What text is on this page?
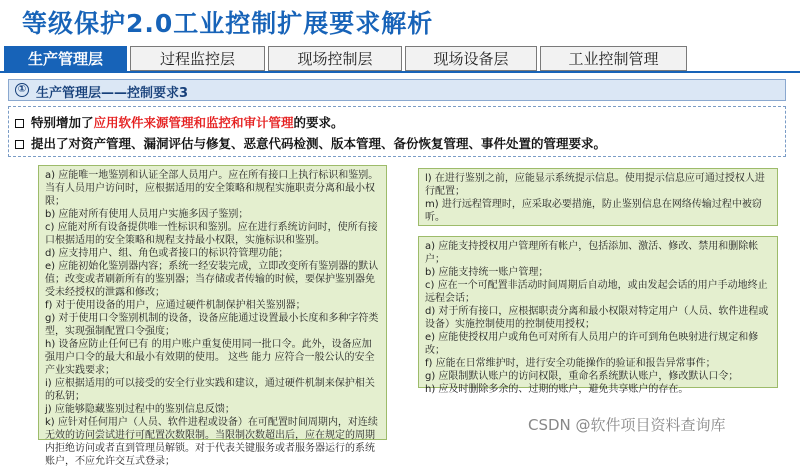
等级保护2.0工业控制扩展要求解析
生产管理层	过程监控层	现场控制层	现场设备层	工业控制管理
① 生产管理层——控制要求3
特别增加了应用软件来源管理和监控和审计管理的要求。
提出了对资产管理、漏洞评估与修复、恶意代码检测、版本管理、备份恢复管理、事件处置的管理要求。

a) 应能唯一地鉴别和认证全部人员用户。应在所有接口上执行标识和鉴别。当有人员用户访问时，应根据适用的安全策略和规程实施职责分离和最小权限；

b) 应能对所有使用人员用户实施多因子鉴别；

c) 应能对所有设备提供唯一性标识和鉴别。应在进行系统访问时，使所有接口根据适用的安全策略和规程支持最小权限，实施标识和鉴别。

d) 应支持用户、组、角色或者接口的标识符管理功能；

e) 应能初始化鉴别器内容；系统一经安装完成，立即改变所有鉴别器的默认值；改变或者刷新所有的鉴别器；当存储或者传输的时候，要保护鉴别器免受未经授权的泄露和修改；

f) 对于使用设备的用户，应通过硬件机制保护相关鉴别器；

g) 对于使用口令鉴别机制的设备，设备应能通过设置最小长度和多种字符类型，实现强制配置口令强度；

h) 设备应防止任何已有 的用户账户重复使用同一批口令。此外，设备应加强用户口令的最大和最小有效期的使用。 这些 能力 应符合一般公认的安全产业实践要求；

i) 应根据适用的可以接受的安全行业实践和建议，通过硬件机制来保护相关的私钥；

j) 应能够隐藏鉴别过程中的鉴别信息反馈；

k) 应针对任何用户（人员、软件进程或设备）在可配置时间周期内，对连续无效的访问尝试进行可配置次数限制。当限制次数超出后，应在规定的周期内拒绝访问或者直到管理员解锁。对于代表关键服务或者服务器运行的系统账户，不应允许交互式登录；

l) 在进行鉴别之前，应能显示系统提示信息。使用提示信息应可通过授权人进行配置；

m) 进行远程管理时，应采取必要措施，防止鉴别信息在网络传输过程中被窃听。

a) 应能支持授权用户管理所有帐户，包括添加、激活、修改、禁用和删除帐户；

b) 应能支持统一账户管理；

c) 应在一个可配置非活动时间周期后自动地，或由发起会话的用户手动地终止远程会话；

d) 对于所有接口，应根据职责分离和最小权限对特定用户（人员、软件进程或设备）实施控制使用的控制使用授权；

e) 应能使授权用户或角色可对所有人员用户的许可到角色映射进行规定和修改；

f) 应能在日常维护时，进行安全功能操作的验证和报告异常事件；

g) 应限制默认账户的访问权限，重命名系统默认账户，修改默认口令；

h) 应及时删除多余的、过期的账户，避免共享账户的存在。

CSDN @软件项目资料查询库
